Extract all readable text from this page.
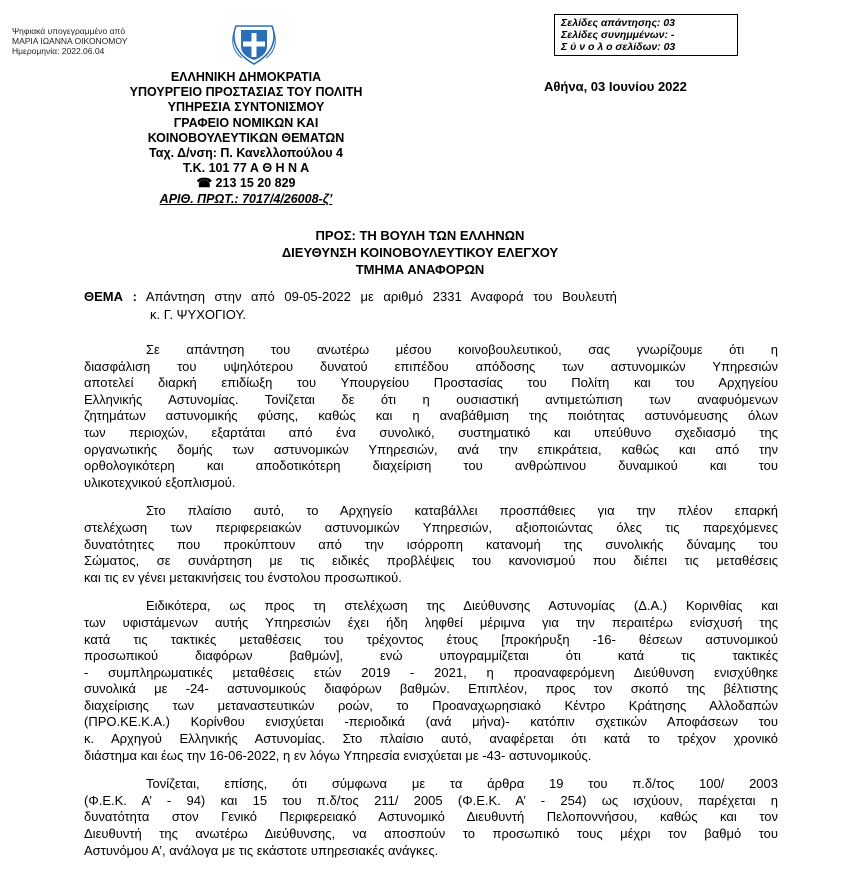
Ψηφιακά υπογεγραμμένο από
ΜΑΡΙΑ ΙΩΑΝΝΑ ΟΙΚΟΝΟΜΟΥ
Ημερομηνία: 2022.06.04
Σελίδες απάντησης: 03
Σελίδες συνημμένων: -
Σ ύ ν ο λ ο σελίδων: 03
ΕΛΛΗΝΙΚΗ ΔΗΜΟΚΡΑΤΙΑ
ΥΠΟΥΡΓΕΙΟ ΠΡΟΣΤΑΣΙΑΣ ΤΟΥ ΠΟΛΙΤΗ
ΥΠΗΡΕΣΙΑ ΣΥΝΤΟΝΙΣΜΟΥ
ΓΡΑΦΕΙΟ ΝΟΜΙΚΩΝ ΚΑΙ
ΚΟΙΝΟΒΟΥΛΕΥΤΙΚΩΝ ΘΕΜΑΤΩΝ
Ταχ. Δ/νση: Π. Κανελλοπούλου 4
Τ.Κ. 101 77 Α Θ Η Ν Α
☎ 213 15 20 829
ΑΡΙΘ. ΠΡΩΤ.: 7017/4/26008-ζ’
Αθήνα, 03 Ιουνίου 2022
ΠΡΟΣ: ΤΗ ΒΟΥΛΗ ΤΩΝ ΕΛΛΗΝΩΝ
ΔΙΕΥΘΥΝΣΗ ΚΟΙΝΟΒΟΥΛΕΥΤΙΚΟΥ ΕΛΕΓΧΟΥ
ΤΜΗΜΑ ΑΝΑΦΟΡΩΝ
ΘΕΜΑ : Απάντηση στην από 09-05-2022 με αριθμό 2331 Αναφορά του Βουλευτή
κ. Γ. ΨΥΧΟΓΙΟΥ.
Σε απάντηση του ανωτέρω μέσου κοινοβουλευτικού, σας γνωρίζουμε ότι η
διασφάλιση του υψηλότερου δυνατού επιπέδου απόδοσης των αστυνομικών Υπηρεσιών
αποτελεί διαρκή επιδίωξη του Υπουργείου Προστασίας του Πολίτη και του Αρχηγείου
Ελληνικής Αστυνομίας. Τονίζεται δε ότι η ουσιαστική αντιμετώπιση των αναφυόμενων
ζητημάτων αστυνομικής φύσης, καθώς και η αναβάθμιση της ποιότητας αστυνόμευσης όλων
των περιοχών, εξαρτάται από ένα συνολικό, συστηματικό και υπεύθυνο σχεδιασμό της
οργανωτικής δομής των αστυνομικών Υπηρεσιών, ανά την επικράτεια, καθώς και από την
ορθολογικότερη και αποδοτικότερη διαχείριση του ανθρώπινου δυναμικού και του
υλικοτεχνικού εξοπλισμού.
Στο πλαίσιο αυτό, το Αρχηγείο καταβάλλει προσπάθειες για την πλέον επαρκή
στελέχωση των περιφερειακών αστυνομικών Υπηρεσιών, αξιοποιώντας όλες τις παρεχόμενες
δυνατότητες που προκύπτουν από την ισόρροπη κατανομή της συνολικής δύναμης του
Σώματος, σε συνάρτηση με τις ειδικές προβλέψεις του κανονισμού που διέπει τις μεταθέσεις
και τις εν γένει μετακινήσεις του ένστολου προσωπικού.
Ειδικότερα, ως προς τη στελέχωση της Διεύθυνσης Αστυνομίας (Δ.Α.) Κορινθίας και
των υφιστάμενων αυτής Υπηρεσιών έχει ήδη ληφθεί μέριμνα για την περαιτέρω ενίσχυσή της
κατά τις τακτικές μεταθέσεις του τρέχοντος έτους [προκήρυξη -16- θέσεων αστυνομικού
προσωπικού διαφόρων βαθμών], ενώ υπογραμμίζεται ότι κατά τις τακτικές
- συμπληρωματικές μεταθέσεις ετών 2019 - 2021, η προαναφερόμενη Διεύθυνση ενισχύθηκε
συνολικά με -24- αστυνομικούς διαφόρων βαθμών. Επιπλέον, προς τον σκοπό της βέλτιστης
διαχείρισης των μεταναστευτικών ροών, το Προαναχωρησιακό Κέντρο Κράτησης Αλλοδαπών
(ΠΡΟ.ΚΕ.Κ.Α.) Κορίνθου ενισχύεται -περιοδικά (ανά μήνα)- κατόπιν σχετικών Αποφάσεων του
κ. Αρχηγού Ελληνικής Αστυνομίας. Στο πλαίσιο αυτό, αναφέρεται ότι κατά το τρέχον χρονικό
διάστημα και έως την 16-06-2022, η εν λόγω Υπηρεσία ενισχύεται με -43- αστυνομικούς.
Τονίζεται, επίσης, ότι σύμφωνα με τα άρθρα 19 του π.δ/τος 100/ 2003
(Φ.Ε.Κ. Α’ - 94) και 15 του π.δ/τος 211/ 2005 (Φ.Ε.Κ. Α’ - 254) ως ισχύουν, παρέχεται η
δυνατότητα στον Γενικό Περιφερειακό Αστυνομικό Διευθυντή Πελοποννήσου, καθώς και τον
Διευθυντή της ανωτέρω Διεύθυνσης, να αποσπούν το προσωπικό τους μέχρι τον βαθμό του
Αστυνόμου Α’, ανάλογα με τις εκάστοτε υπηρεσιακές ανάγκες.
